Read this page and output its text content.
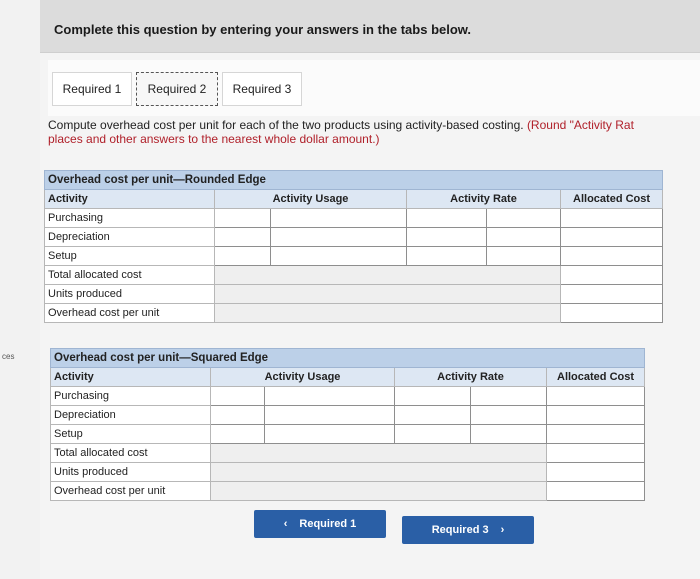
ces
Complete this question by entering your answers in the tabs below.
Required 1 Required 2 Required 3
Compute overhead cost per unit for each of the two products using activity-based costing. (Round "Activity Rat
places and other answers to the nearest whole dollar amount.)
Overhead cost per unit—Rounded Edge					
Activity	Activity Usage		Activity Rate		Allocated Cost
Purchasing					
Depreciation					
Setup					
Total allocated cost		
Units produced		
Overhead cost per unit		
Overhead cost per unit—Squared Edge					
Activity	Activity Usage		Activity Rate		Allocated Cost
Purchasing					
Depreciation					
Setup					
Total allocated cost		
Units produced		
Overhead cost per unit		
‹ Required 1	Required 3 ›
